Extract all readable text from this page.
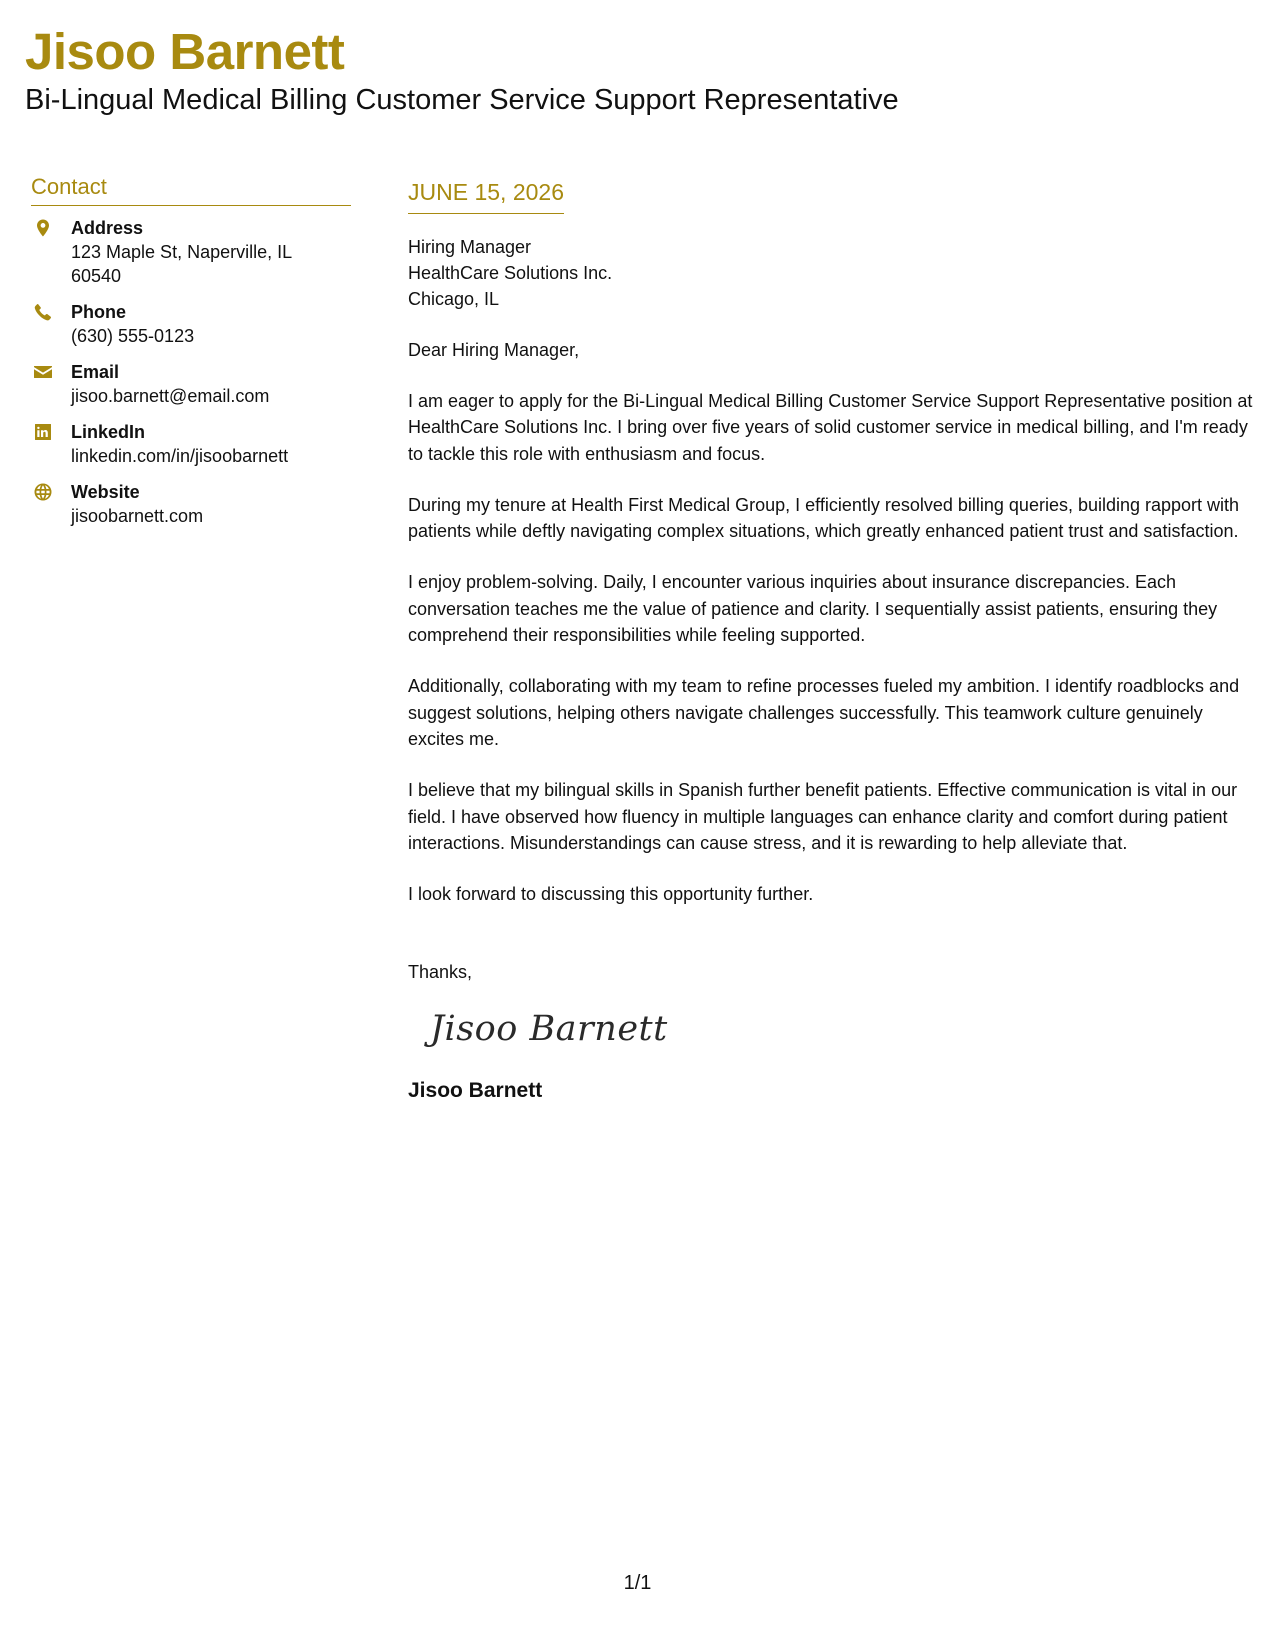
Jisoo Barnett
Bi-Lingual Medical Billing Customer Service Support Representative
Contact
Address
123 Maple St, Naperville, IL 60540
Phone
(630) 555-0123
Email
jisoo.barnett@email.com
LinkedIn
linkedin.com/in/jisoobarnett
Website
jisoobarnett.com
JUNE 15, 2026
Hiring Manager
HealthCare Solutions Inc.
Chicago, IL
Dear Hiring Manager,
I am eager to apply for the Bi-Lingual Medical Billing Customer Service Support Representative position at HealthCare Solutions Inc. I bring over five years of solid customer service in medical billing, and I'm ready to tackle this role with enthusiasm and focus.
During my tenure at Health First Medical Group, I efficiently resolved billing queries, building rapport with patients while deftly navigating complex situations, which greatly enhanced patient trust and satisfaction.
I enjoy problem-solving. Daily, I encounter various inquiries about insurance discrepancies. Each conversation teaches me the value of patience and clarity. I sequentially assist patients, ensuring they comprehend their responsibilities while feeling supported.
Additionally, collaborating with my team to refine processes fueled my ambition. I identify roadblocks and suggest solutions, helping others navigate challenges successfully. This teamwork culture genuinely excites me.
I believe that my bilingual skills in Spanish further benefit patients. Effective communication is vital in our field. I have observed how fluency in multiple languages can enhance clarity and comfort during patient interactions. Misunderstandings can cause stress, and it is rewarding to help alleviate that.
I look forward to discussing this opportunity further.
Thanks,
Jisoo Barnett
Jisoo Barnett
1/1
